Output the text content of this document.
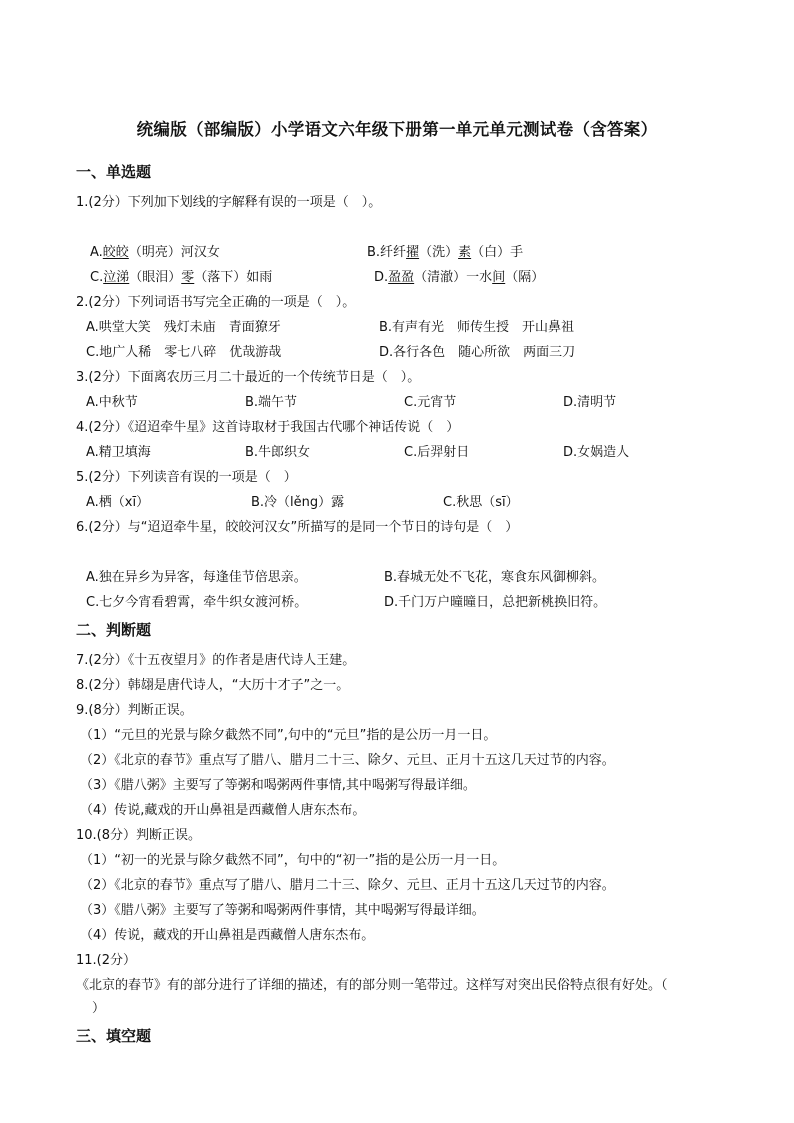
统编版（部编版）小学语文六年级下册第一单元单元测试卷（含答案）
一、单选题
1.(2分）下列加下划线的字解释有误的一项是（　）。
A.皎皎（明亮）河汉女	B.纤纤擢（洗）素（白）手
C.泣涕（眼泪）零（落下）如雨	D.盈盈（清澈）一水间（隔）
2.(2分）下列词语书写完全正确的一项是（　）。
A.哄堂大笑　残灯未庙　青面獠牙	B.有声有光　师传生授　开山鼻祖
C.地广人稀　零七八碎　优哉游哉	D.各行各色　随心所欲　两面三刀
3.(2分）下面离农历三月二十最近的一个传统节日是（　）。
A.中秋节	B.端午节	C.元宵节	D.清明节
4.(2分）《迢迢牵牛星》这首诗取材于我国古代哪个神话传说（　）
A.精卫填海	B.牛郎织女	C.后羿射日	D.女娲造人
5.(2分）下列读音有误的一项是（　）
A.栖（xī）	B.冷（lěng）露	C.秋思（sī）
6.(2分）与“迢迢牵牛星，皎皎河汉女”所描写的是同一个节日的诗句是（　）
A.独在异乡为异客，每逢佳节倍思亲。	B.春城无处不飞花，寒食东风御柳斜。
C.七夕今宵看碧霄，牵牛织女渡河桥。	D.千门万户曈曈日，总把新桃换旧符。
二、判断题
7.(2分）《十五夜望月》的作者是唐代诗人王建。
8.(2分）韩翃是唐代诗人，“大历十才子”之一。
9.(8分）判断正误。
（1）“元旦的光景与除夕截然不同”,句中的“元旦”指的是公历一月一日。
（2）《北京的春节》重点写了腊八、腊月二十三、除夕、元旦、正月十五这几天过节的内容。
（3）《腊八粥》主要写了等粥和喝粥两件事情,其中喝粥写得最详细。
（4）传说,藏戏的开山鼻祖是西藏僧人唐东杰布。
10.(8分）判断正误。
（1）“初一的光景与除夕截然不同”，句中的“初一”指的是公历一月一日。
（2）《北京的春节》重点写了腊八、腊月二十三、除夕、元旦、正月十五这几天过节的内容。
（3）《腊八粥》主要写了等粥和喝粥两件事情，其中喝粥写得最详细。
（4）传说，藏戏的开山鼻祖是西藏僧人唐东杰布。
11.(2分）
《北京的春节》有的部分进行了详细的描述，有的部分则一笔带过。这样写对突出民俗特点很有好处。（
）
三、填空题
